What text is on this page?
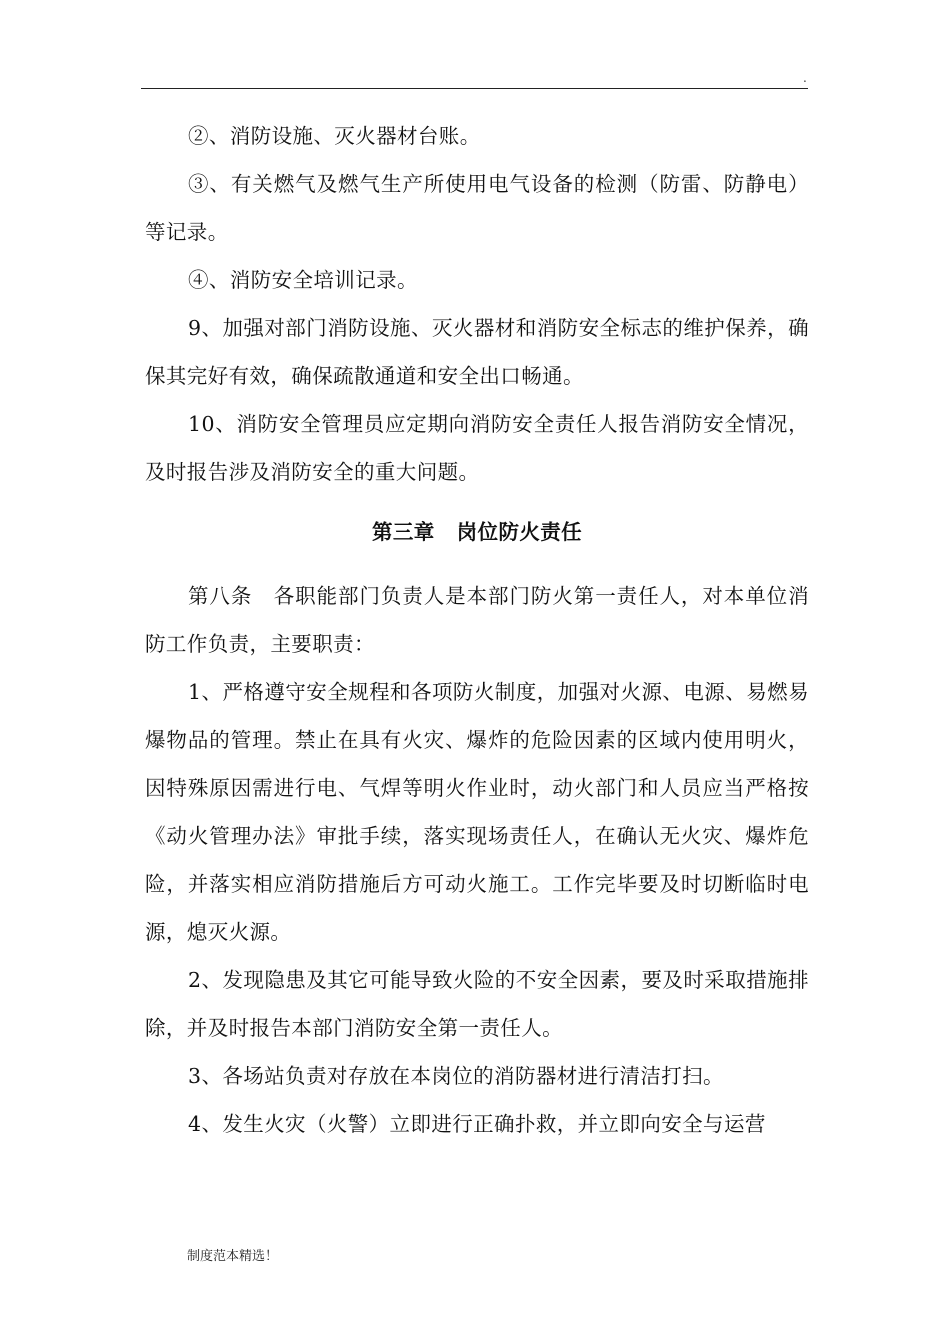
.

②、消防设施、灭火器材台账。

③、有关燃气及燃气生产所使用电气设备的检测（防雷、防静电）等记录。

④、消防安全培训记录。

9、加强对部门消防设施、灭火器材和消防安全标志的维护保养，确保其完好有效，确保疏散通道和安全出口畅通。

10、消防安全管理员应定期向消防安全责任人报告消防安全情况，及时报告涉及消防安全的重大问题。

第三章 岗位防火责任

第八条　各职能部门负责人是本部门防火第一责任人，对本单位消防工作负责，主要职责：

1、严格遵守安全规程和各项防火制度，加强对火源、电源、易燃易爆物品的管理。禁止在具有火灾、爆炸的危险因素的区域内使用明火，因特殊原因需进行电、气焊等明火作业时，动火部门和人员应当严格按《动火管理办法》审批手续，落实现场责任人，在确认无火灾、爆炸危险，并落实相应消防措施后方可动火施工。工作完毕要及时切断临时电源，熄灭火源。

2、发现隐患及其它可能导致火险的不安全因素，要及时采取措施排除，并及时报告本部门消防安全第一责任人。

3、各场站负责对存放在本岗位的消防器材进行清洁打扫。

4、发生火灾（火警）立即进行正确扑救，并立即向安全与运营

制度范本精选！
